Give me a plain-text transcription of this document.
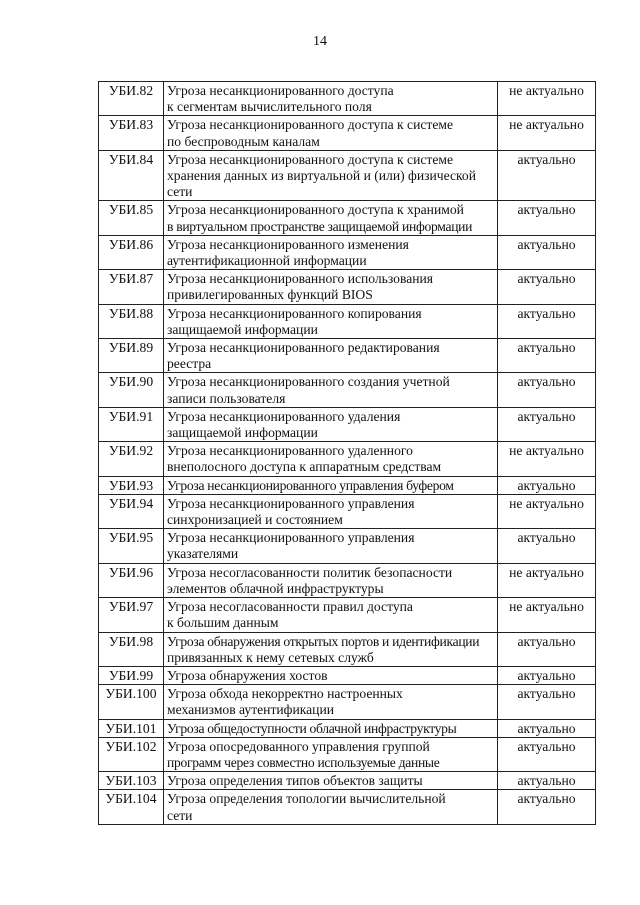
14
УБИ.82	Угроза несанкционированного доступа
к сегментам вычислительного поля	не актуально
УБИ.83	Угроза несанкционированного доступа к системе
по беспроводным каналам	не актуально
УБИ.84	Угроза несанкционированного доступа к системе
хранения данных из виртуальной и (или) физической
сети	актуально
УБИ.85	Угроза несанкционированного доступа к хранимой
в виртуальном пространстве защищаемой информации	актуально
УБИ.86	Угроза несанкционированного изменения
аутентификационной информации	актуально
УБИ.87	Угроза несанкционированного использования
привилегированных функций BIOS	актуально
УБИ.88	Угроза несанкционированного копирования
защищаемой информации	актуально
УБИ.89	Угроза несанкционированного редактирования
реестра	актуально
УБИ.90	Угроза несанкционированного создания учетной
записи пользователя	актуально
УБИ.91	Угроза несанкционированного удаления
защищаемой информации	актуально
УБИ.92	Угроза несанкционированного удаленного
внеполосного доступа к аппаратным средствам	не актуально
УБИ.93	Угроза несанкционированного управления буфером	актуально
УБИ.94	Угроза несанкционированного управления
синхронизацией и состоянием	не актуально
УБИ.95	Угроза несанкционированного управления
указателями	актуально
УБИ.96	Угроза несогласованности политик безопасности
элементов облачной инфраструктуры	не актуально
УБИ.97	Угроза несогласованности правил доступа
к большим данным	не актуально
УБИ.98	Угроза обнаружения открытых портов и идентификации
привязанных к нему сетевых служб	актуально
УБИ.99	Угроза обнаружения хостов	актуально
УБИ.100	Угроза обхода некорректно настроенных
механизмов аутентификации	актуально
УБИ.101	Угроза общедоступности облачной инфраструктуры	актуально
УБИ.102	Угроза опосредованного управления группой
программ через совместно используемые данные	актуально
УБИ.103	Угроза определения типов объектов защиты	актуально
УБИ.104	Угроза определения топологии вычислительной
сети	актуально
